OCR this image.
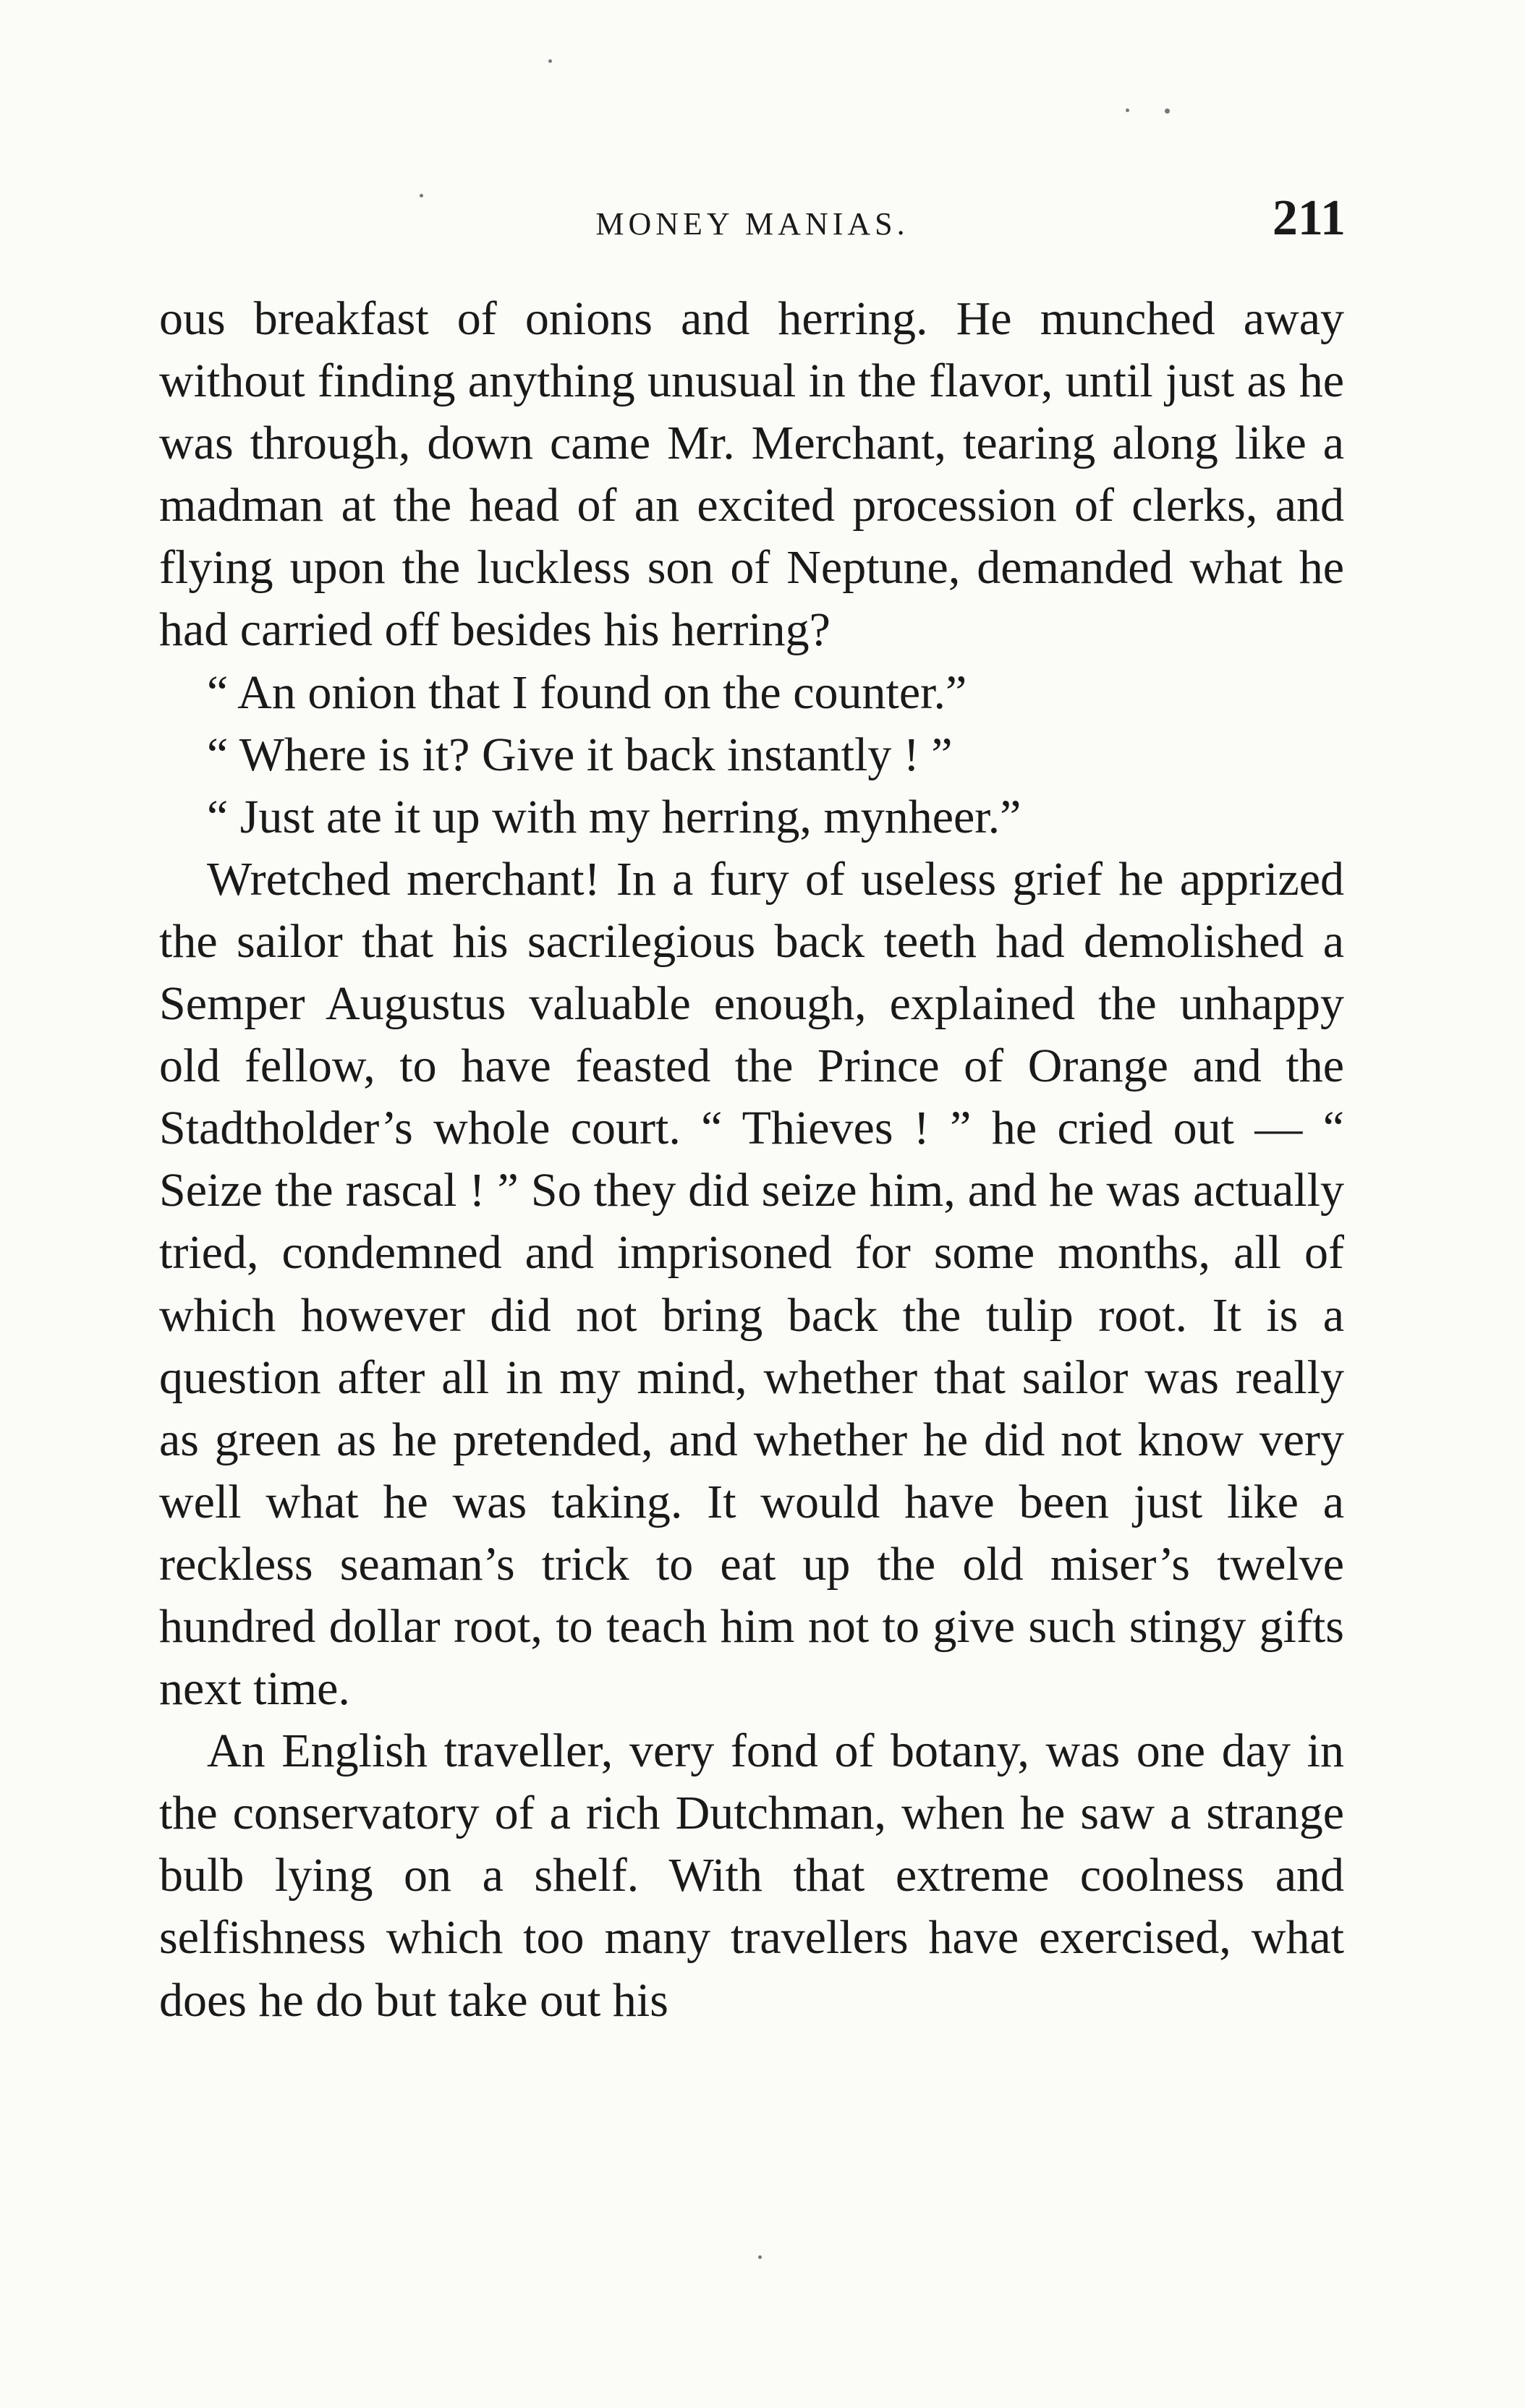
MONEY MANIAS.	211

ous breakfast of onions and herring. He munched away without finding anything unusual in the flavor, until just as he was through, down came Mr. Merchant, tearing along like a madman at the head of an excited procession of clerks, and flying upon the luckless son of Neptune, demanded what he had carried off besides his herring?

“ An onion that I found on the counter.”

“ Where is it? Give it back instantly ! ”

“ Just ate it up with my herring, mynheer.”

Wretched merchant! In a fury of useless grief he apprized the sailor that his sacrilegious back teeth had demolished a Semper Augustus valuable enough, explained the unhappy old fellow, to have feasted the Prince of Orange and the Stadtholder’s whole court. “ Thieves ! ” he cried out — “ Seize the rascal ! ” So they did seize him, and he was actually tried, condemned and imprisoned for some months, all of which however did not bring back the tulip root. It is a question after all in my mind, whether that sailor was really as green as he pretended, and whether he did not know very well what he was taking. It would have been just like a reckless seaman’s trick to eat up the old miser’s twelve hundred dollar root, to teach him not to give such stingy gifts next time.

An English traveller, very fond of botany, was one day in the conservatory of a rich Dutchman, when he saw a strange bulb lying on a shelf. With that extreme coolness and selfishness which too many travellers have exercised, what does he do but take out his
